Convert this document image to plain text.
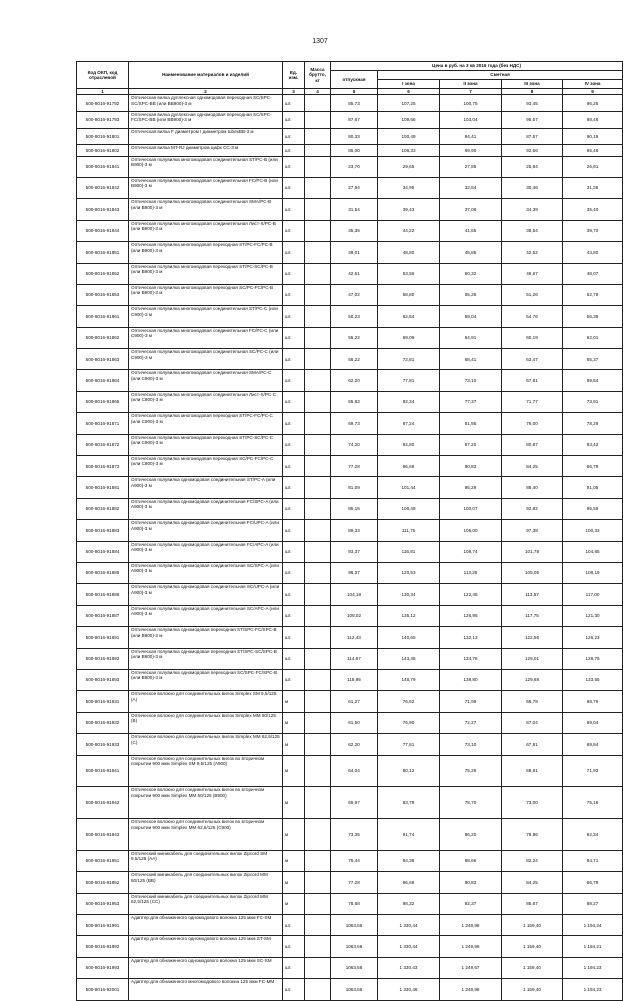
1307
Код ОКП, код отраслевой	Наименование материалов и изделий	Ед. изм.	Масса брутто, кг	Цена в руб. на 3 кв 2016 года (без НДС)				
				отпускная	Сметная			
					I зона	II зона	III зона	IV зона
1	2	3	4	5	6	7	8	9
500-8016-91792	Оптическая вилка дуплексная одномодовая переходная SC/SPC-SC/SPC-BB (или BB900)-3 м	шт.		85,73	107,25	100,75	93,45	96,25
500-8016-91793	Оптическая вилка дуплексная одномодовая переходная SC/SPC-FC/SPC-BB (или BB900)-3 м	шт.		87,67	109,66	103,04	95,57	98,46
500-8016-91801	Оптическая вилка F диаметром I диаметром tubexBB-3 м	шт.		80,33	100,49	94,41	87,57	90,19
500-8016-91802	Оптическая вилка MT-RJ диаметром цифк СС-3 м	шт.		85,00	106,33	99,90	92,66	95,46
500-8016-91841	Оптическая полувилка многомодовая соединительная ST/PC-B (или B900)-3 м	шт.		23,70	29,65	27,85	25,84	26,61
500-8016-91842	Оптическая полувилка многомодовая соединительная FC/PC-B (или B900)-3 м	шт.		27,94	34,95	32,84	30,46	31,36
500-8016-91843	Оптическая полувилка многомодовая соединительная SMA/PC-B (или B900)-3 м	шт.		31,54	39,43	37,06	34,39	35,40
500-8016-91844	Оптическая полувилка многомодовая соединительная Лист-X/PC-B (или B900)-3 м	шт.		35,35	44,22	41,55	38,54	39,70
500-8016-91851	Оптическая полувилка многомодовая переходная ST/PC-FC/PC-B (или B900)-3 м	шт.		39,01	48,80	45,85	42,52	43,80
500-8016-91852	Оптическая полувилка многомодовая переходная ST/PC-SC/PC-B (или B900)-3 м	шт.		42,61	53,55	50,32	46,67	48,07
500-8016-91853	Оптическая полувилка многомодовая переходная SC/PC-FC/PC-B (или B900)-3 м	шт.		47,02	58,80	55,26	51,26	52,78
500-8016-91861	Оптическая полувилка многомодовая соединительная ST/PC-C (или C900)-3 м	шт.		50,23	62,84	59,04	54,76	56,39
500-8016-91862	Оптическая полувилка многомодовая соединительная FC/PC-C (или C900)-3 м	шт.		55,22	69,09	64,91	60,19	62,01
500-8016-91863	Оптическая полувилка многомодовая соединительная SC/PC-C (или C900)-3 м	шт.		58,22	72,81	68,41	63,47	65,37
500-8016-91864	Оптическая полувилка многомодовая соединительная SMA/PC-C (или C900)-3 м	шт.		62,20	77,81	73,10	67,81	69,84
500-8016-91865	Оптическая полувилка многомодовая соединительная Лист-X/PC-C (или C900)-3 м	шт.		65,83	82,34	77,37	71,77	73,91
500-8016-91871	Оптическая полувилка многомодовая переходная ST/PC-FC/PC-C (или C900)-3 м	шт.		69,73	87,24	81,95	76,00	78,29
500-8016-91872	Оптическая полувилка многомодовая переходная ST/PC-SC/PC-C (или C900)-3 м	шт.		74,20	92,80	87,20	80,87	83,42
500-8016-91873	Оптическая полувилка многомодовая переходная SC/PC-FC/PC-C (или C900)-3 м	шт.		77,28	96,69	90,83	84,25	86,78
500-8016-91881	Оптическая полувилка одномодовая соединительная ST/PC-A (или A900)-3 м	шт.		81,09	101,44	95,29	88,40	91,05
500-8016-91882	Оптическая полувилка одномодовая соединительная FC/SPC-A (или A900)-3 м	шт.		85,15	106,49	100,07	92,82	95,59
500-8016-91883	Оптическая полувилка одномодовая соединительная FC/UPC-A (или A900)-3 м	шт.		89,33	111,75	105,00	97,38	100,33
500-8016-91884	Оптическая полувилка одномодовая соединительная FC/APC-A (или A900)-3 м	шт.		93,37	116,81	109,74	101,78	104,85
500-8016-91885	Оптическая полувилка одномодовая соединительная SC/SPC-A (или A900)-3 м	шт.		96,37	120,53	113,25	105,05	108,19
500-8016-91886	Оптическая полувилка одномодовая соединительная SC/UPC-A (или A900)-3 м	шт.		104,18	130,34	122,46	113,57	117,00
500-8016-91887	Оптическая полувилка одномодовая соединительная SC/APC-A (или A900)-3 м	шт.		108,02	135,12	126,95	117,75	121,30
500-8016-91891	Оптическая полувилка одномодовая переходная ST/SPC-FC/SPC-B (или B900)-3 м	шт.		112,43	140,65	132,13	122,56	126,23
500-8016-91892	Оптическая полувилка одномодовая переходная ST/SPC-SC/SPC-B (или B900)-3 м	шт.		114,67	143,46	134,78	125,01	128,76
500-8016-91893	Оптическая полувилка одномодовая переходная SC/SPC-FC/SPC-B (или B900)-3 м	шт.		118,95	148,79	139,80	129,68	133,55
500-8016-91931	Оптическое волокно для соединительных вилок Simplex SM 9,5/125 (A)	м		61,27	76,62	71,99	66,79	68,79
500-8016-91932	Оптическое волокно для соединительных вилок Simplex MM 50/125 (B)	м		61,50	76,90	72,27	67,04	69,04
500-8016-91933	Оптическое волокно для соединительных вилок Simplex MM 62,5/125 (C)	м		62,20	77,81	73,10	67,81	69,84
500-8016-91941	Оптическое волокно для соединительных вилок во вторичном покрытии 900 мкм Simplex SM 9,5/125 (A900)	м		64,04	80,12	75,26	69,81	71,93
500-8016-91942	Оптическое волокно для соединительных вилок во вторичном покрытии 900 мкм Simplex MM 50/125 (B900)	м		66,97	83,78	78,70	73,00	75,18
500-8016-91943	Оптическое волокно для соединительных вилок во вторичном покрытии 900 мкм Simplex MM 62,5/125 (C900)	м		73,35	91,74	86,20	79,96	82,34
500-8016-91951	Оптический миникабель для соединительных вилок Zipcord SM 9,5/125 (AA)	м		75,44	94,38	88,66	82,24	84,71
500-8016-91952	Оптический миникабель для соединительных вилок Zipcord MM 50/125 (BB)	м		77,28	96,69	90,83	84,25	86,78
500-8016-91953	Оптический миникабель для соединительных вилок Zipcord MM 62,5/125 (CC)	м		78,68	98,32	92,37	85,67	88,27
500-8016-91991	Адаптер для обнаженного одномодового волокна 125 мкм FC-SM	шт.		1063,56	1 330,44	1 249,98	1 159,40	1 194,24
500-8016-91992	Адаптер для обнаженного одномодового волокна 125 мкм ST-SM	шт.		1063,56	1 330,44	1 249,98	1 159,40	1 194,21
500-8016-91993	Адаптер для обнаженного одномодового волокна 125 мкм SC-SM	шт.		1063,56	1 330,43	1 249,67	1 159,40	1 194,23
500-8016-92001	Адаптер для обнаженного многомодового волокна 125 мкм FC-MM	шт.		1063,56	1 330,46	1 249,98	1 159,40	1 194,23
